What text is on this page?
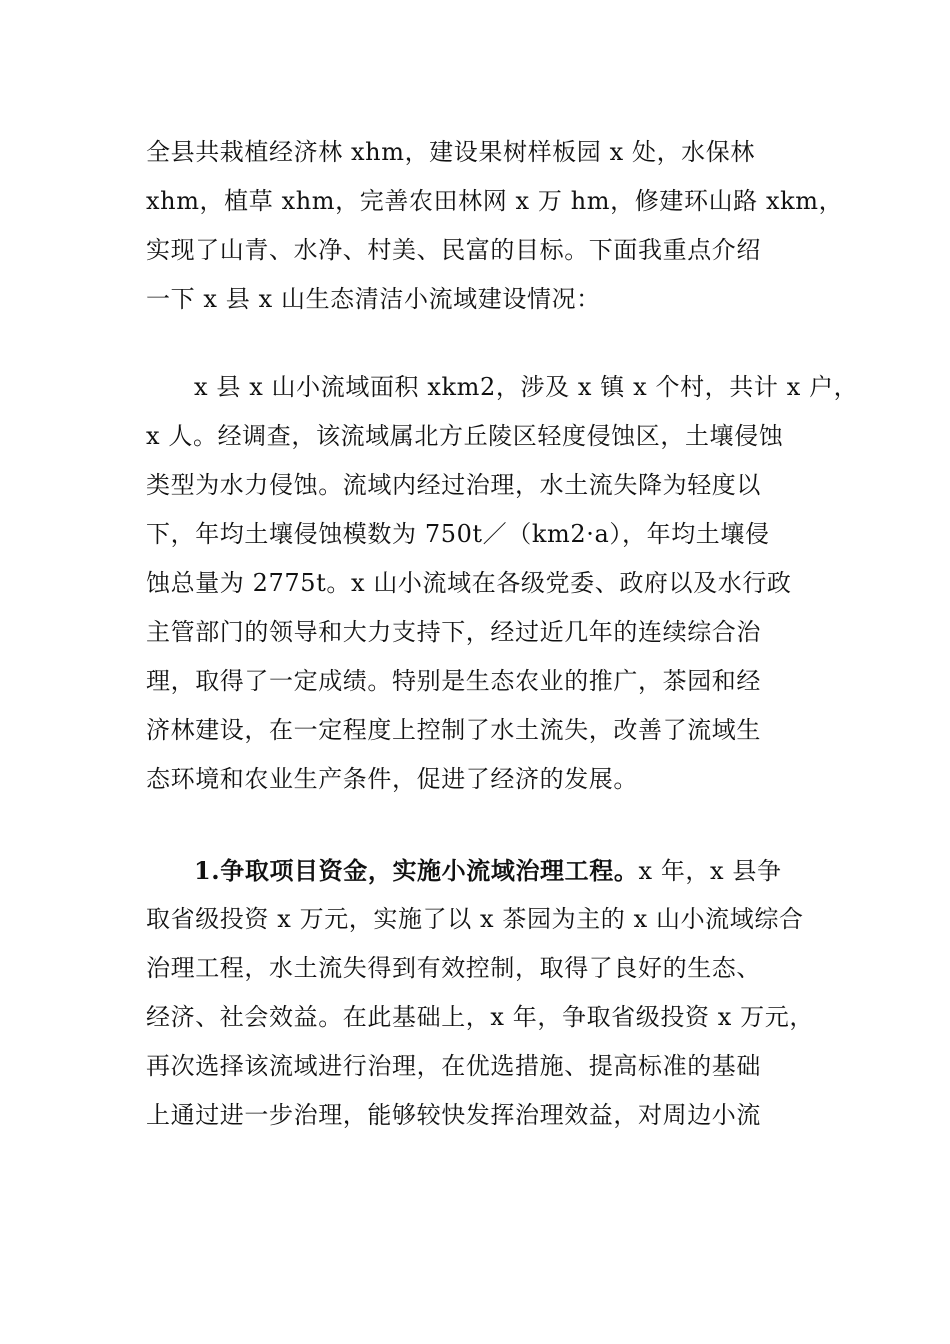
全县共栽植经济林 xhm，建设果树样板园 x 处，水保林
xhm，植草 xhm，完善农田林网 x 万 hm，修建环山路 xkm，
实现了山青、水净、村美、民富的目标。下面我重点介绍
一下 x 县 x 山生态清洁小流域建设情况：
x 县 x 山小流域面积 xkm2，涉及 x 镇 x 个村，共计 x 户，
x 人。经调查，该流域属北方丘陵区轻度侵蚀区，土壤侵蚀
类型为水力侵蚀。流域内经过治理，水土流失降为轻度以
下，年均土壤侵蚀模数为 750t／（km2·a），年均土壤侵
蚀总量为 2775t。x 山小流域在各级党委、政府以及水行政
主管部门的领导和大力支持下，经过近几年的连续综合治
理，取得了一定成绩。特别是生态农业的推广，茶园和经
济林建设，在一定程度上控制了水土流失，改善了流域生
态环境和农业生产条件，促进了经济的发展。
1.争取项目资金，实施小流域治理工程。x 年，x 县争
取省级投资 x 万元，实施了以 x 茶园为主的 x 山小流域综合
治理工程，水土流失得到有效控制，取得了良好的生态、
经济、社会效益。在此基础上，x 年，争取省级投资 x 万元，
再次选择该流域进行治理，在优选措施、提高标准的基础
上通过进一步治理，能够较快发挥治理效益，对周边小流
